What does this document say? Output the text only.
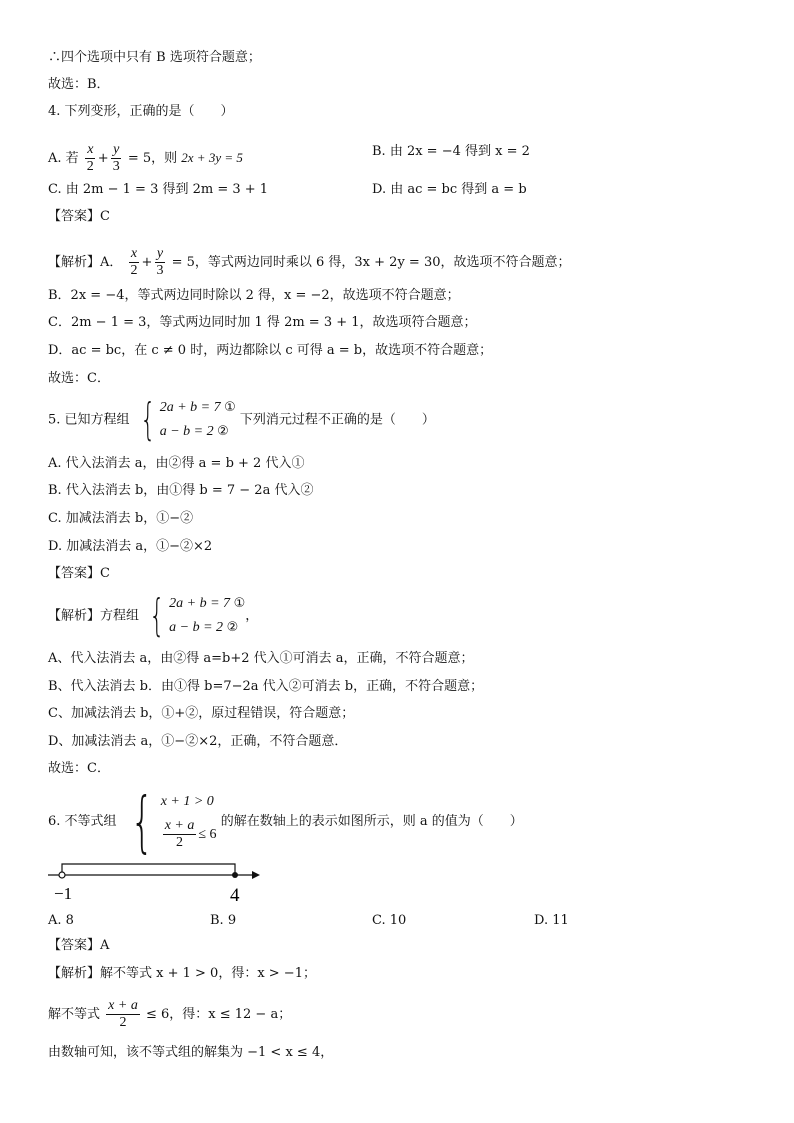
∴四个选项中只有 B 选项符合题意；
故选：B．
4. 下列变形，正确的是（　　）
A. 若 $\frac{x}{2} + \frac{y}{3} = 5$，则 2x + 3y = 5	B. 由 2x = −4 得到 x = 2
C. 由 2m − 1 = 3 得到 2m = 3 + 1	D. 由 ac = bc 得到 a = b
【答案】C
【解析】A． $\frac{x}{2} + \frac{y}{3} = 5$，等式两边同时乘以 6 得，3x + 2y = 30，故选项不符合题意；
B．2x = −4，等式两边同时除以 2 得，x = −2，故选项不符合题意；
C．2m − 1 = 3，等式两边同时加 1 得 2m = 3 + 1，故选项符合题意；
D．ac = bc，在 c ≠ 0 时，两边都除以 c 可得 a = b，故选项不符合题意；
故选：C．
5. 已知方程组 { 2a + b = 7 ①
a − b = 2 ②
下列消元过程不正确的是（　　）
A. 代入法消去 a，由②得 a = b + 2 代入①
B. 代入法消去 b，由①得 b = 7 − 2a 代入②
C. 加减法消去 b，①−②
D. 加减法消去 a，①−②×2
【答案】C
【解析】方程组 { 2a + b = 7 ①
a − b = 2 ②
，
A、代入法消去 a，由②得 a=b+2 代入①可消去 a，正确，不符合题意；
B、代入法消去 b．由①得 b=7−2a 代入②可消去 b，正确，不符合题意；
C、加减法消去 b，①+②，原过程错误，符合题意；
D、加减法消去 a，①−②×2，正确，不符合题意．
故选：C．
6. 不等式组 { x + 1 > 0
$\frac{x + a}{2} \le 6$
的解在数轴上的表示如图所示，则 a 的值为（　　）
−1	4
A. 8	B. 9	C. 10	D. 11
【答案】A
【解析】解不等式 x + 1 > 0，得：x > −1；
解不等式 $\frac{x + a}{2} \le 6$，得：x ≤ 12 − a；
由数轴可知，该不等式组的解集为 −1 < x ≤ 4，
